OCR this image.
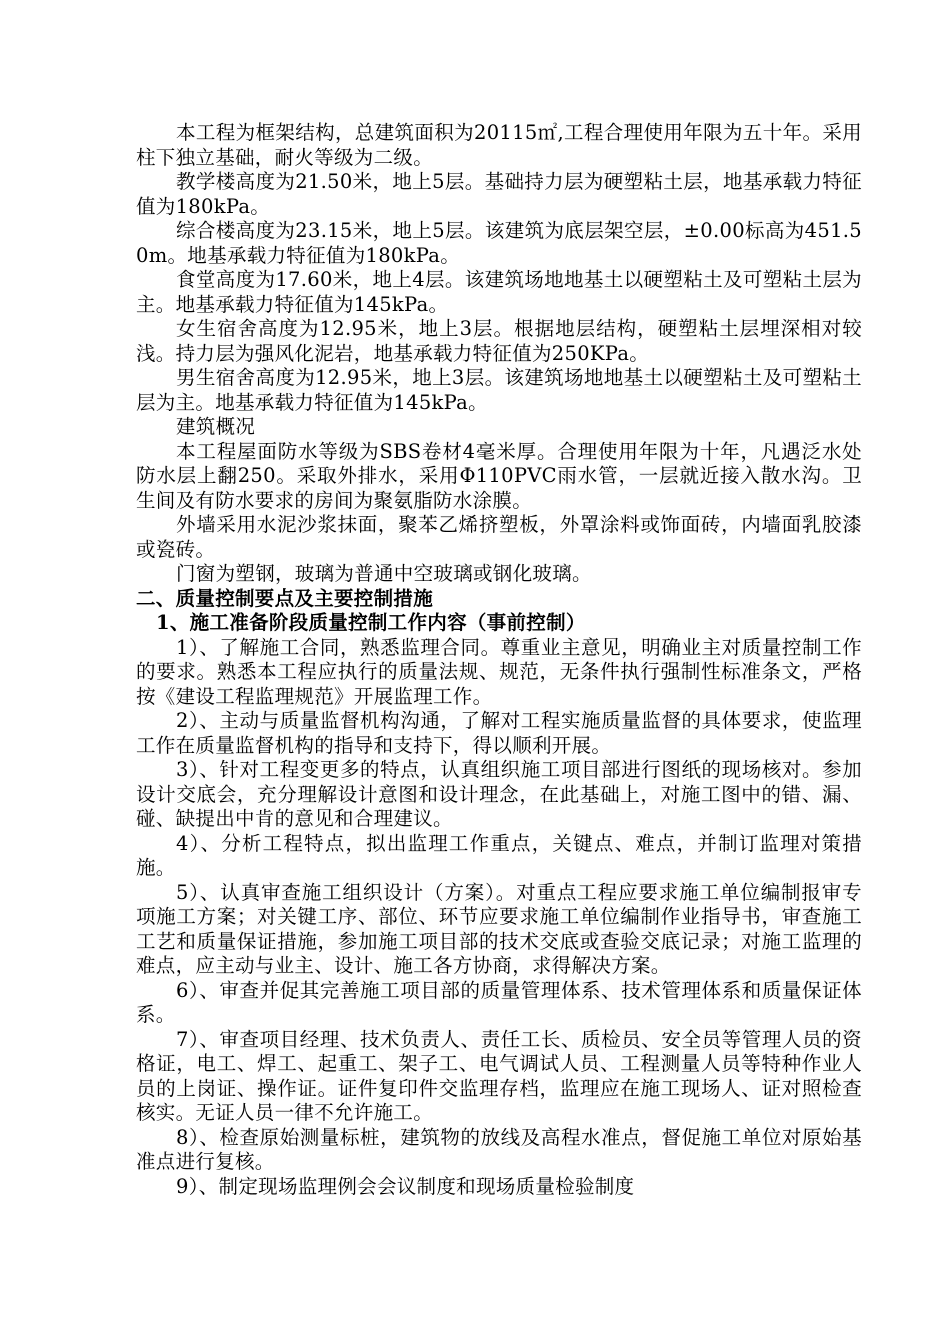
本工程为框架结构，总建筑面积为20115㎡,工程合理使用年限为五十年。采用柱下独立基础，耐火等级为二级。

教学楼高度为21.50米，地上5层。基础持力层为硬塑粘土层，地基承载力特征值为180kPa。

综合楼高度为23.15米，地上5层。该建筑为底层架空层，±0.00标高为451.50m。地基承载力特征值为180kPa。

食堂高度为17.60米，地上4层。该建筑场地地基土以硬塑粘土及可塑粘土层为主。地基承载力特征值为145kPa。

女生宿舍高度为12.95米，地上3层。根据地层结构，硬塑粘土层埋深相对较浅。持力层为强风化泥岩，地基承载力特征值为250KPa。

男生宿舍高度为12.95米，地上3层。该建筑场地地基土以硬塑粘土及可塑粘土层为主。地基承载力特征值为145kPa。

建筑概况

本工程屋面防水等级为SBS卷材4毫米厚。合理使用年限为十年，凡遇泛水处防水层上翻250。采取外排水，采用Φ110PVC雨水管，一层就近接入散水沟。卫生间及有防水要求的房间为聚氨脂防水涂膜。

外墙采用水泥沙浆抹面，聚苯乙烯挤塑板，外罩涂料或饰面砖，内墙面乳胶漆或瓷砖。

门窗为塑钢，玻璃为普通中空玻璃或钢化玻璃。

二、质量控制要点及主要控制措施

1、施工准备阶段质量控制工作内容（事前控制）

1）、了解施工合同，熟悉监理合同。尊重业主意见，明确业主对质量控制工作的要求。熟悉本工程应执行的质量法规、规范，无条件执行强制性标准条文，严格按《建设工程监理规范》开展监理工作。

2）、主动与质量监督机构沟通，了解对工程实施质量监督的具体要求，使监理工作在质量监督机构的指导和支持下，得以顺利开展。

3）、针对工程变更多的特点，认真组织施工项目部进行图纸的现场核对。参加设计交底会，充分理解设计意图和设计理念，在此基础上，对施工图中的错、漏、碰、缺提出中肯的意见和合理建议。

4）、分析工程特点，拟出监理工作重点，关键点、难点，并制订监理对策措施。

5）、认真审查施工组织设计（方案）。对重点工程应要求施工单位编制报审专项施工方案；对关键工序、部位、环节应要求施工单位编制作业指导书，审查施工工艺和质量保证措施，参加施工项目部的技术交底或查验交底记录；对施工监理的难点，应主动与业主、设计、施工各方协商，求得解决方案。

6）、审查并促其完善施工项目部的质量管理体系、技术管理体系和质量保证体系。

7）、审查项目经理、技术负责人、责任工长、质检员、安全员等管理人员的资格证，电工、焊工、起重工、架子工、电气调试人员、工程测量人员等特种作业人员的上岗证、操作证。证件复印件交监理存档，监理应在施工现场人、证对照检查核实。无证人员一律不允许施工。

8）、检查原始测量标桩，建筑物的放线及高程水准点，督促施工单位对原始基准点进行复核。

9）、制定现场监理例会会议制度和现场质量检验制度
